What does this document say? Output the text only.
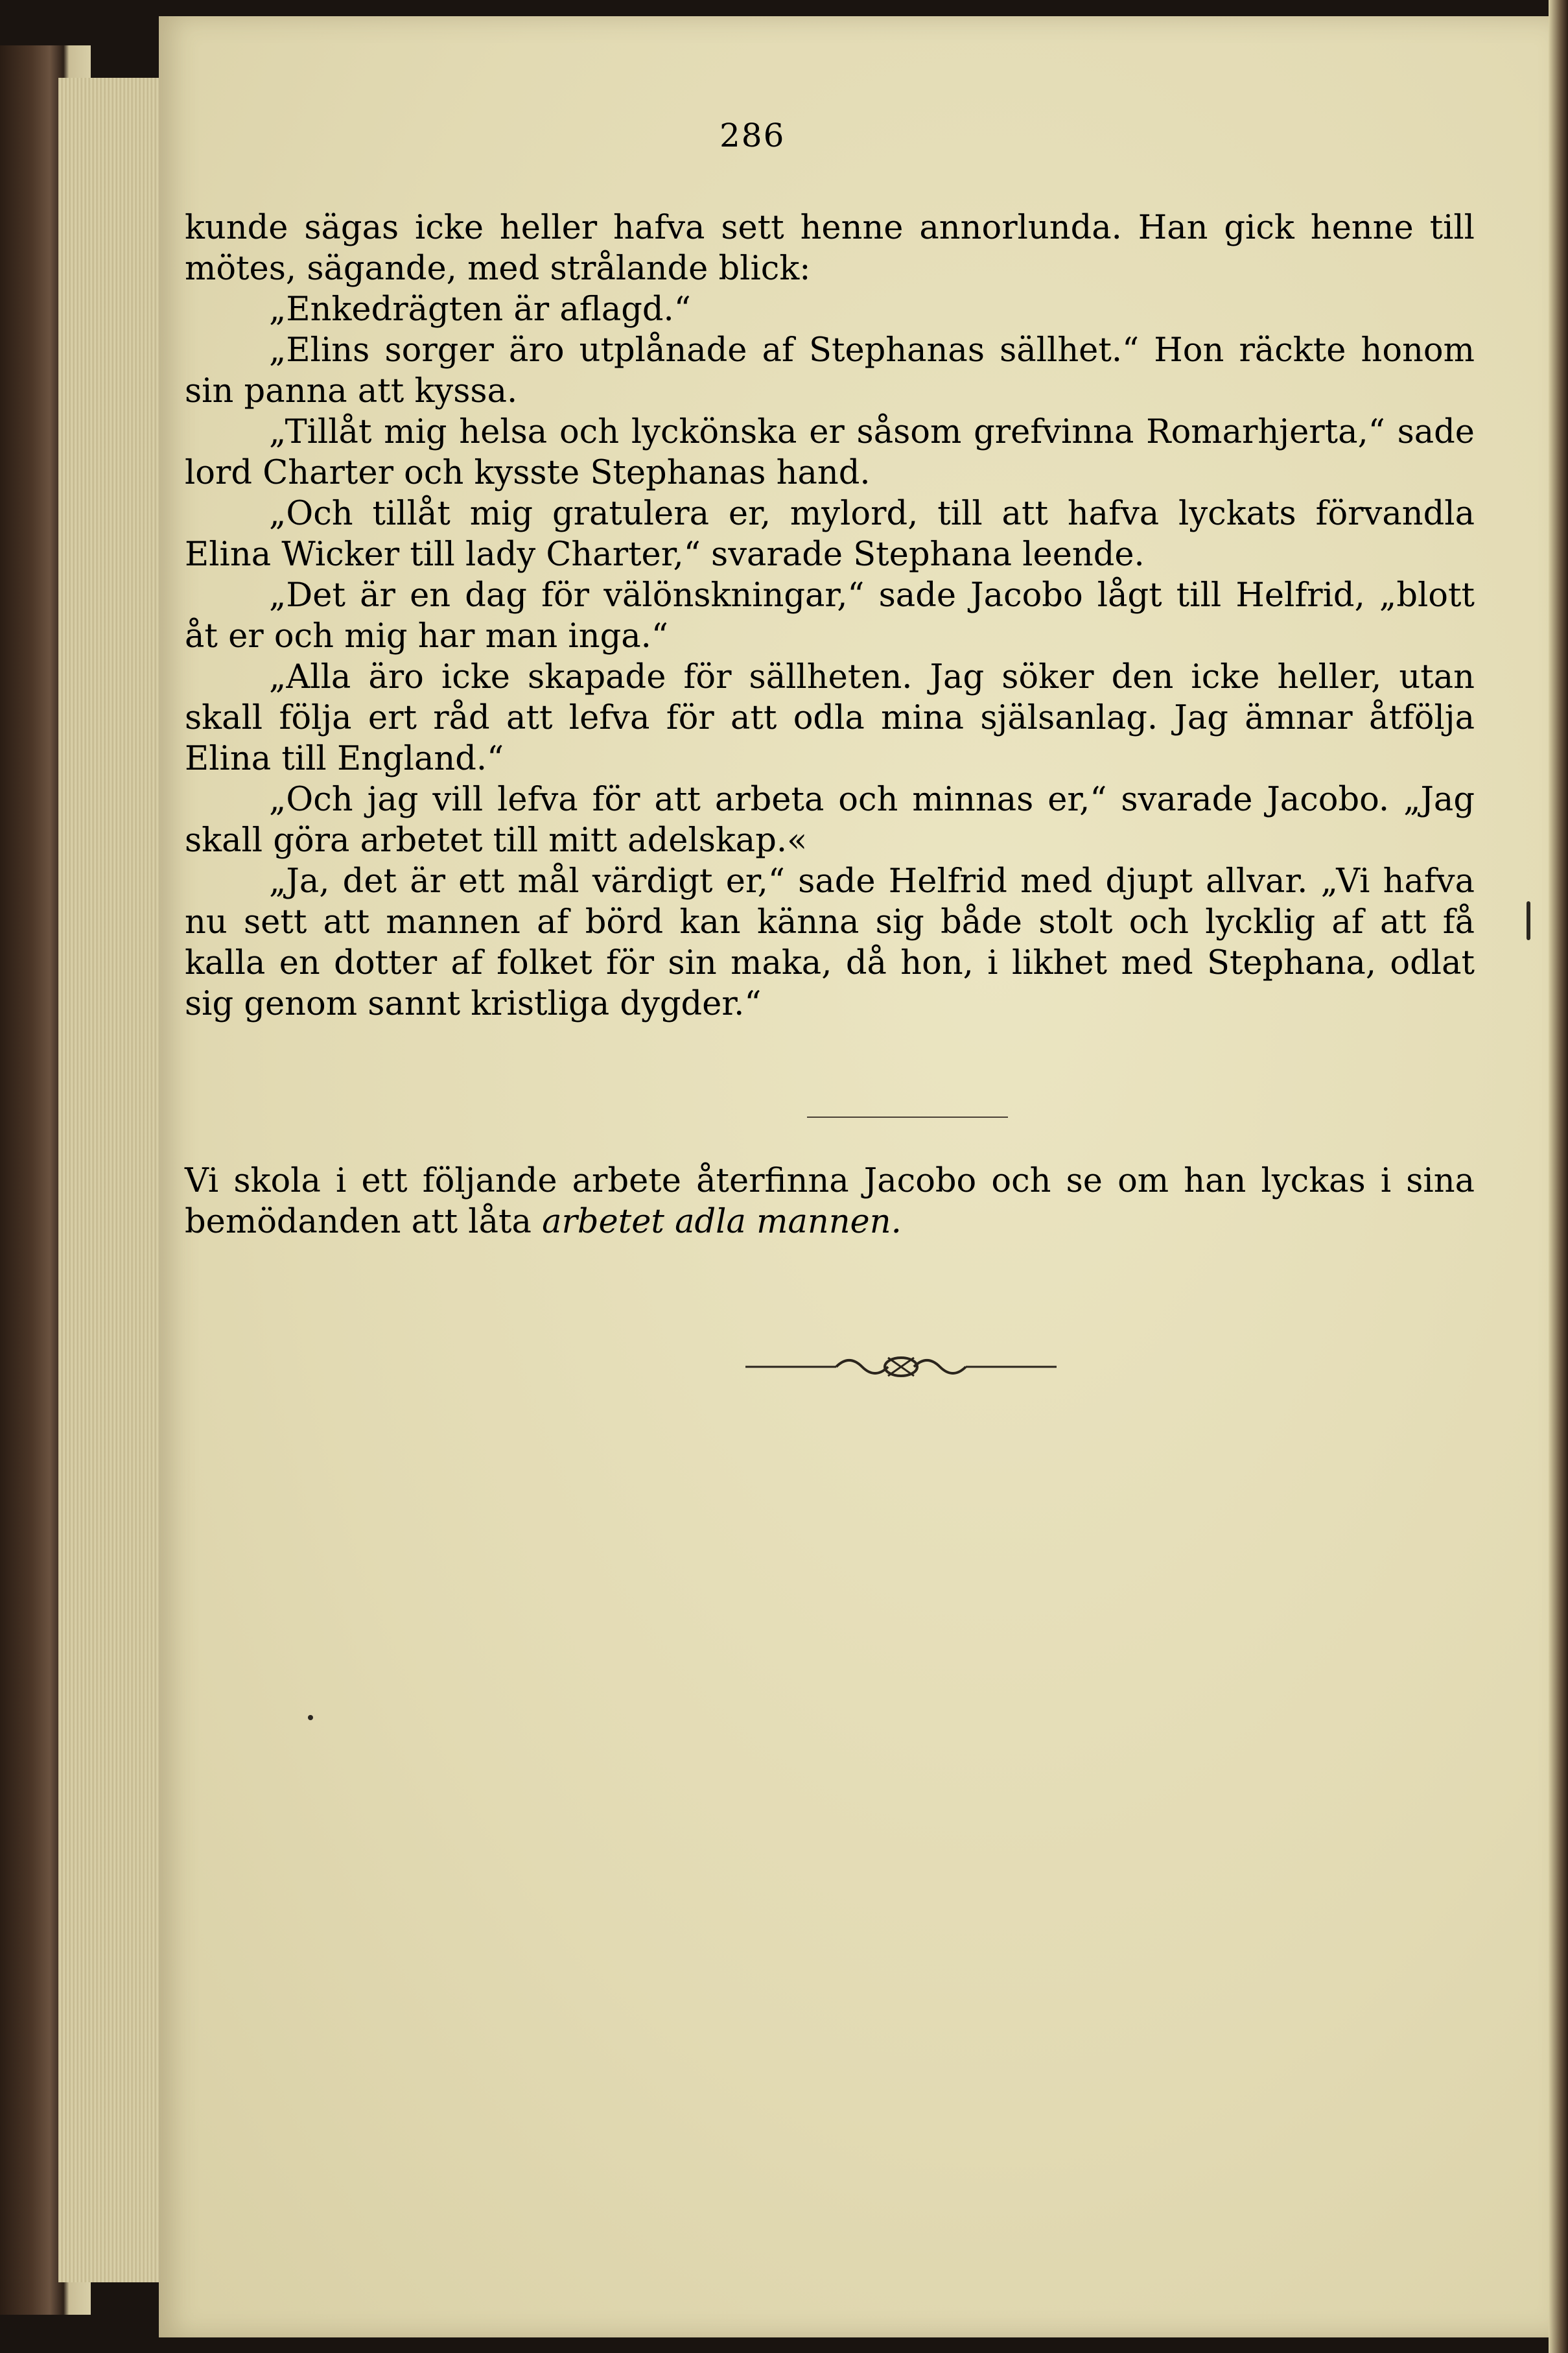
286

kunde sägas icke heller hafva sett henne annorlunda. Han gick henne till mötes, sägande, med strålande blick:

„Enkedrägten är aflagd.“

„Elins sorger äro utplånade af Stephanas sällhet.“ Hon räckte honom sin panna att kyssa.

„Tillåt mig helsa och lyckönska er såsom grefvinna Romarhjerta,“ sade lord Charter och kysste Stephanas hand.

„Och tillåt mig gratulera er, mylord, till att hafva lyckats förvandla Elina Wicker till lady Charter,“ svarade Stephana leende.

„Det är en dag för välönskningar,“ sade Jacobo lågt till Helfrid, „blott åt er och mig har man inga.“

„Alla äro icke skapade för sällheten. Jag söker den icke heller, utan skall följa ert råd att lefva för att odla mina själsanlag. Jag ämnar åtfölja Elina till England.“

„Och jag vill lefva för att arbeta och minnas er,“ svarade Jacobo. „Jag skall göra arbetet till mitt adelskap.«

„Ja, det är ett mål värdigt er,“ sade Helfrid med djupt allvar. „Vi hafva nu sett att mannen af börd kan känna sig både stolt och lycklig af att få kalla en dotter af folket för sin maka, då hon, i likhet med Stephana, odlat sig genom sannt kristliga dygder.“

Vi skola i ett följande arbete återfinna Jacobo och se om han lyckas i sina bemödanden att låta arbetet adla mannen.
